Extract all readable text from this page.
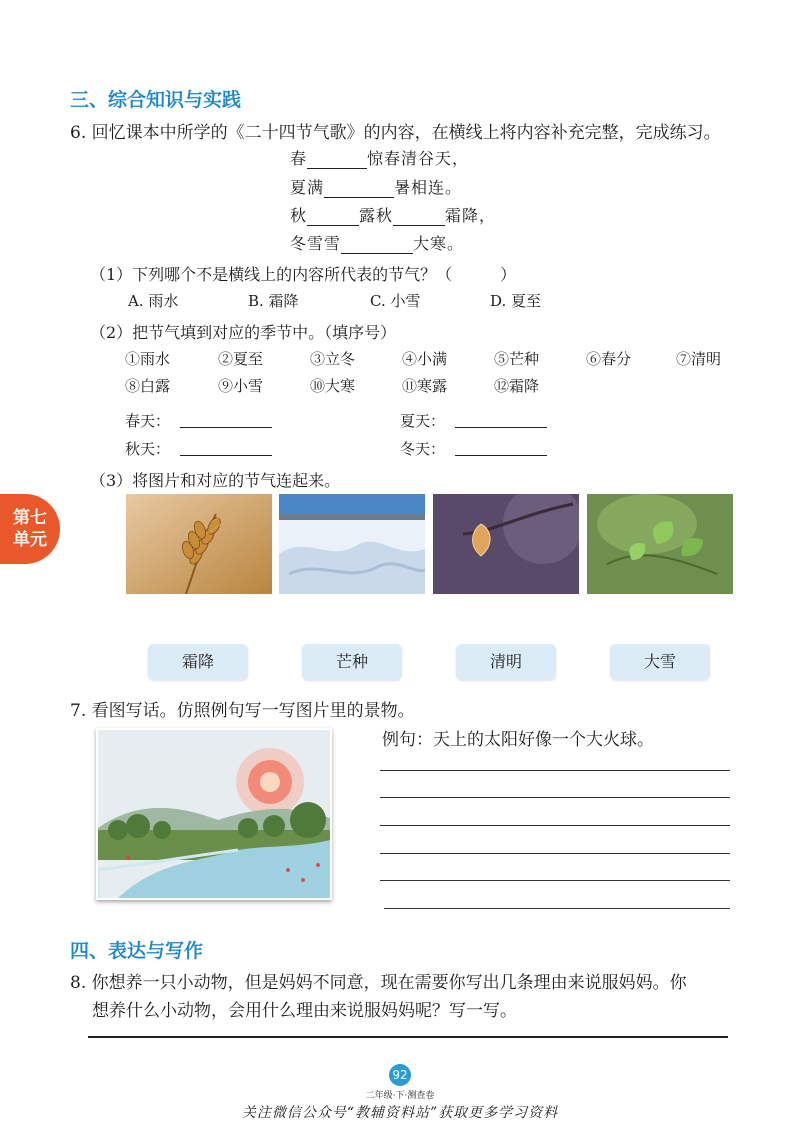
三、综合知识与实践
6. 回忆课本中所学的《二十四节气歌》的内容，在横线上将内容补充完整，完成练习。
春	惊春清谷天，
夏满	暑相连。
秋	露秋	霜降，
冬雪雪	大寒。
（1）下列哪个不是横线上的内容所代表的节气？（　　　）
A. 雨水	B. 霜降	C. 小雪	D. 夏至
（2）把节气填到对应的季节中。（填序号）
①雨水	②夏至	③立冬	④小满	⑤芒种	⑥春分	⑦清明
⑧白露	⑨小雪	⑩大寒	⑪寒露	⑫霜降
春天：	夏天：
秋天：	冬天：
（3）将图片和对应的节气连起来。
霜降	芒种	清明	大雪
第七
单元
7. 看图写话。仿照例句写一写图片里的景物。
例句：天上的太阳好像一个大火球。
四、表达与写作
8. 你想养一只小动物，但是妈妈不同意，现在需要你写出几条理由来说服妈妈。你
想养什么小动物，会用什么理由来说服妈妈呢？写一写。
92
二年级·下·测查卷
关注微信公众号“教辅资料站”获取更多学习资料
